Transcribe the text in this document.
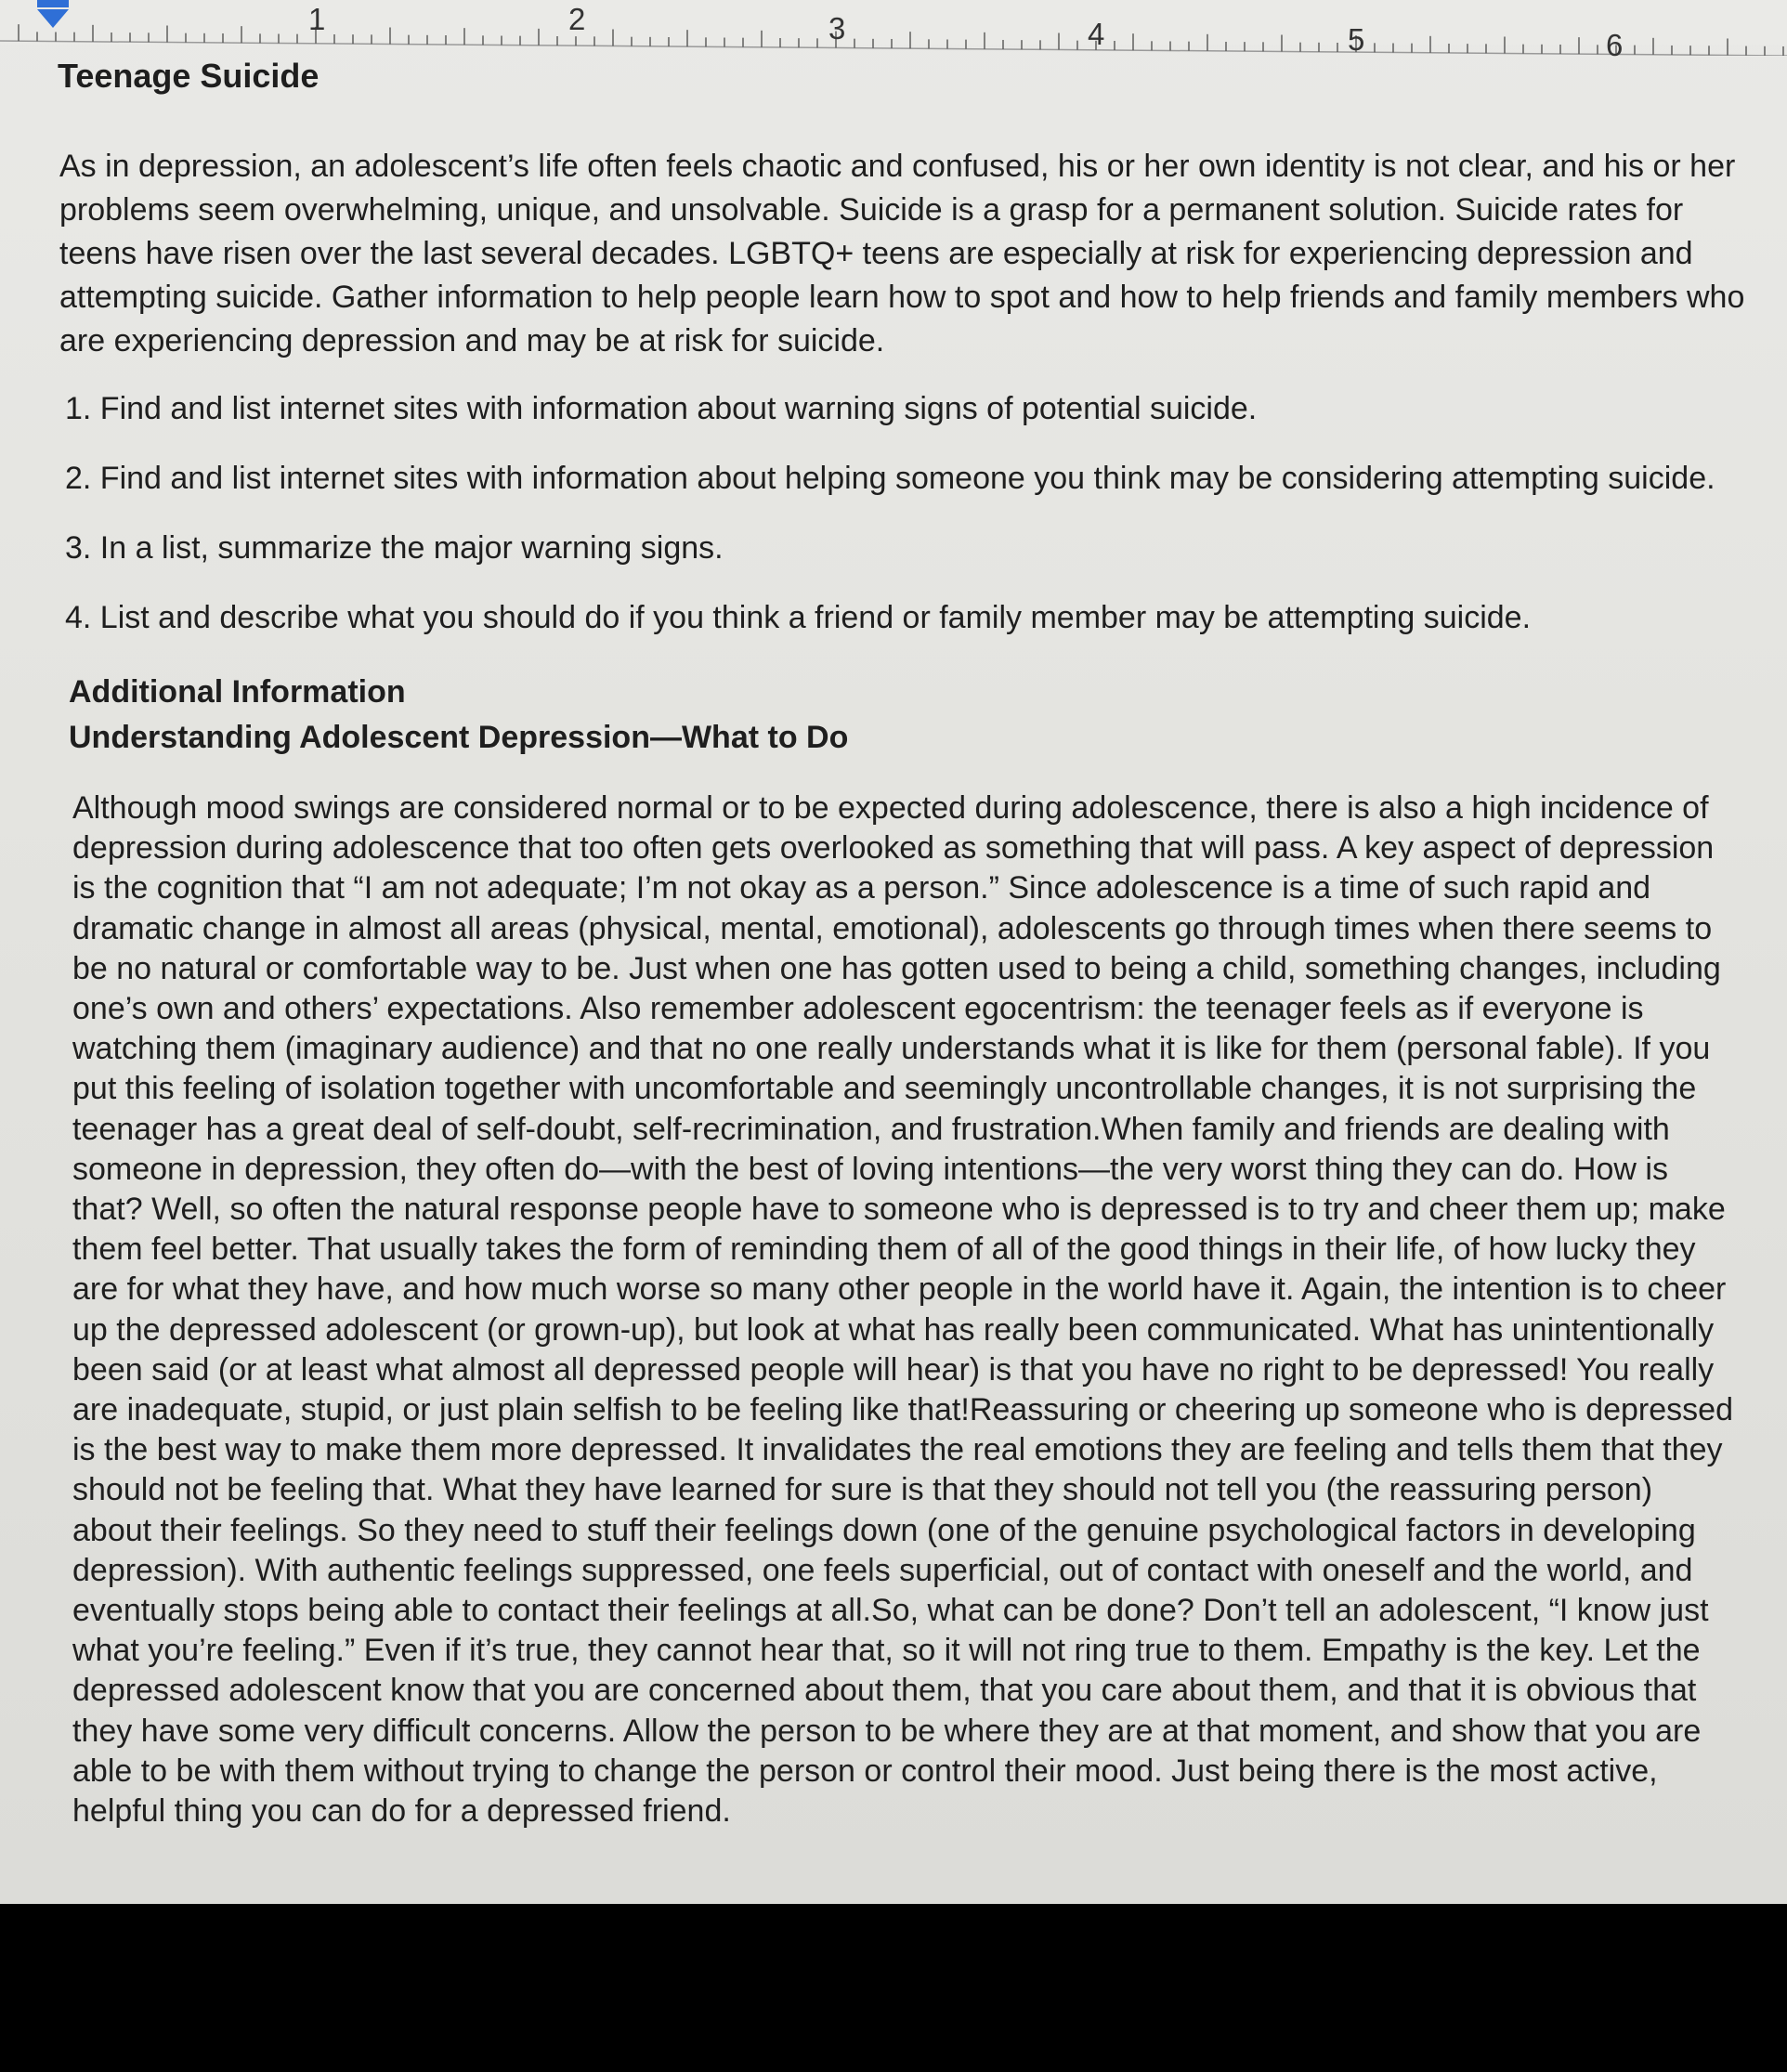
1	2	3	4	5	6
Teenage Suicide

As in depression, an adolescent’s life often feels chaotic and confused, his or her own identity is not clear, and his or her problems seem overwhelming, unique, and unsolvable. Suicide is a grasp for a permanent solution. Suicide rates for teens have risen over the last several decades. LGBTQ+ teens are especially at risk for experiencing depression and attempting suicide. Gather information to help people learn how to spot and how to help friends and family members who are experiencing depression and may be at risk for suicide.

1. Find and list internet sites with information about warning signs of potential suicide.

2. Find and list internet sites with information about helping someone you think may be considering attempting suicide.

3. In a list, summarize the major warning signs.

4. List and describe what you should do if you think a friend or family member may be attempting suicide.

Additional Information
Understanding Adolescent Depression—What to Do

Although mood swings are considered normal or to be expected during adolescence, there is also a high incidence of depression during adolescence that too often gets overlooked as something that will pass. A key aspect of depression is the cognition that “I am not adequate; I’m not okay as a person.” Since adolescence is a time of such rapid and dramatic change in almost all areas (physical, mental, emotional), adolescents go through times when there seems to be no natural or comfortable way to be. Just when one has gotten used to being a child, something changes, including one’s own and others’ expectations. Also remember adolescent egocentrism: the teenager feels as if everyone is watching them (imaginary audience) and that no one really understands what it is like for them (personal fable). If you put this feeling of isolation together with uncomfortable and seemingly uncontrollable changes, it is not surprising the teenager has a great deal of self-doubt, self-recrimination, and frustration.When family and friends are dealing with someone in depression, they often do—with the best of loving intentions—the very worst thing they can do. How is that? Well, so often the natural response people have to someone who is depressed is to try and cheer them up; make them feel better. That usually takes the form of reminding them of all of the good things in their life, of how lucky they are for what they have, and how much worse so many other people in the world have it. Again, the intention is to cheer up the depressed adolescent (or grown-up), but look at what has really been communicated. What has unintentionally been said (or at least what almost all depressed people will hear) is that you have no right to be depressed! You really are inadequate, stupid, or just plain selfish to be feeling like that!Reassuring or cheering up someone who is depressed is the best way to make them more depressed. It invalidates the real emotions they are feeling and tells them that they should not be feeling that. What they have learned for sure is that they should not tell you (the reassuring person) about their feelings. So they need to stuff their feelings down (one of the genuine psychological factors in developing depression). With authentic feelings suppressed, one feels superficial, out of contact with oneself and the world, and eventually stops being able to contact their feelings at all.So, what can be done? Don’t tell an adolescent, “I know just what you’re feeling.” Even if it’s true, they cannot hear that, so it will not ring true to them. Empathy is the key. Let the depressed adolescent know that you are concerned about them, that you care about them, and that it is obvious that they have some very difficult concerns. Allow the person to be where they are at that moment, and show that you are able to be with them without trying to change the person or control their mood. Just being there is the most active, helpful thing you can do for a depressed friend.
